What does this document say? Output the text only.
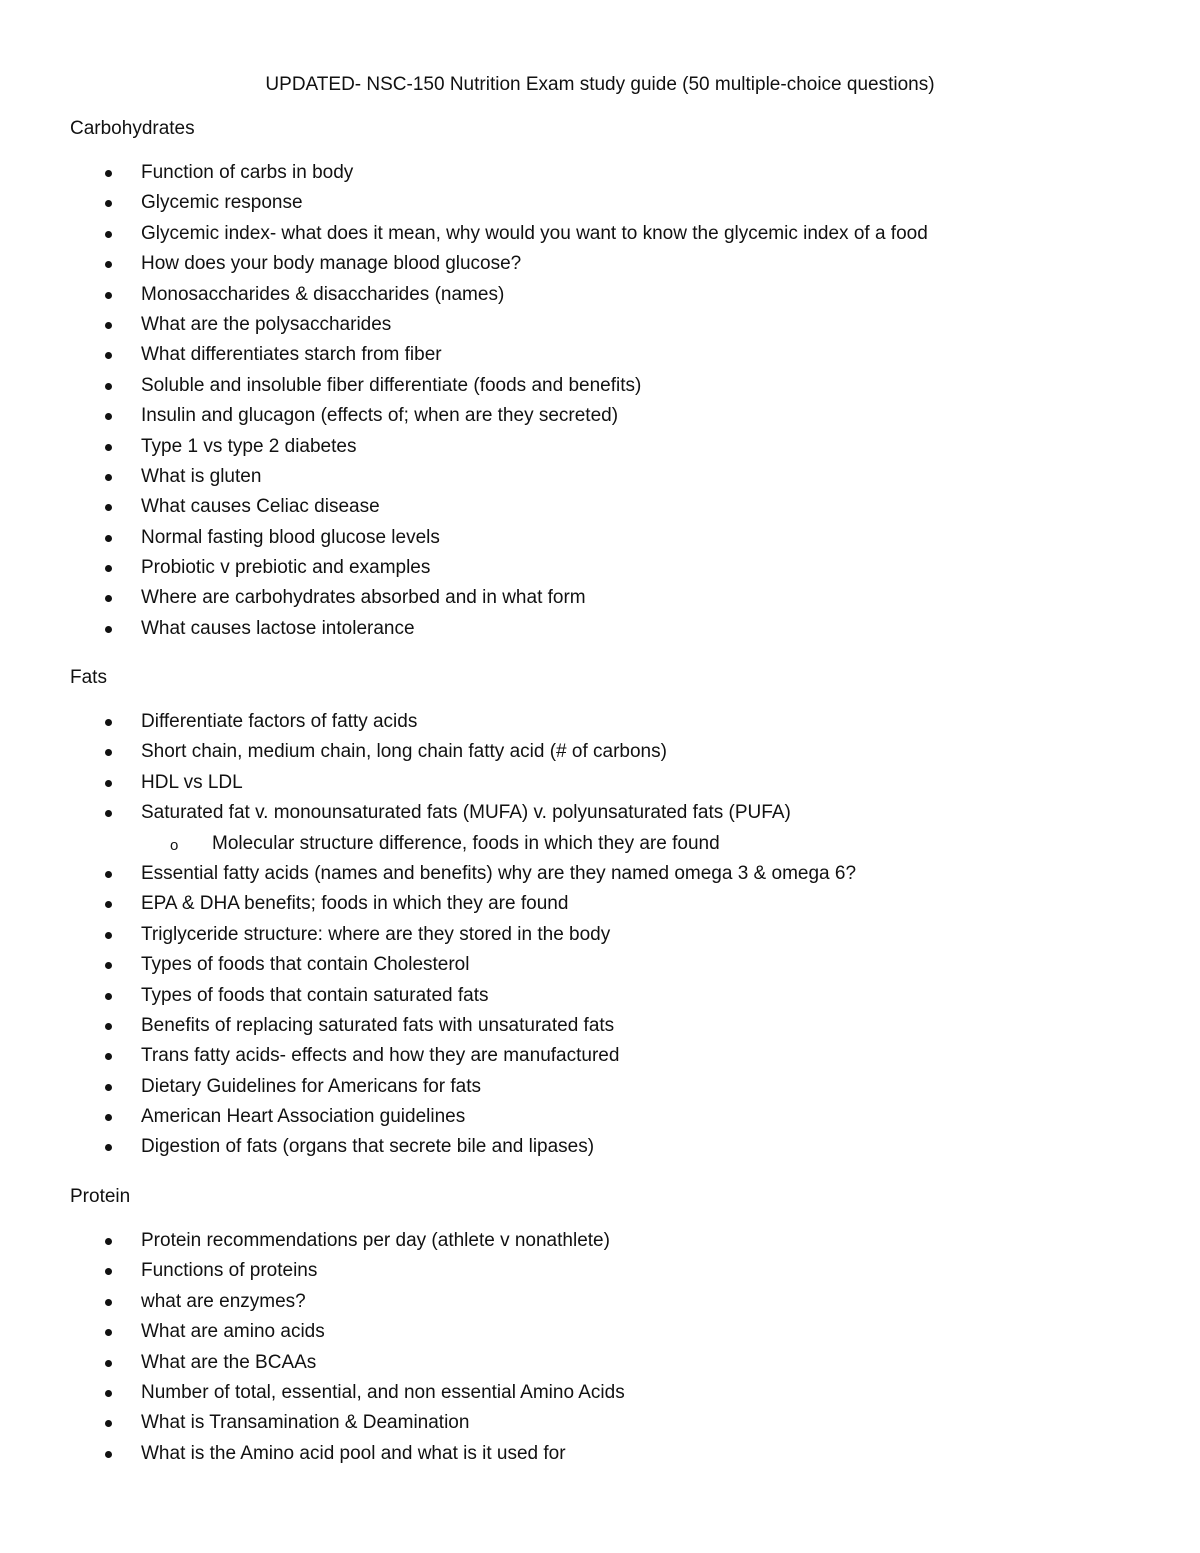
UPDATED- NSC-150 Nutrition Exam study guide (50 multiple-choice questions)
Carbohydrates
Function of carbs in body
Glycemic response
Glycemic index- what does it mean, why would you want to know the glycemic index of a food
How does your body manage blood glucose?
Monosaccharides & disaccharides (names)
What are the polysaccharides
What differentiates starch from fiber
Soluble and insoluble fiber differentiate (foods and benefits)
Insulin and glucagon (effects of; when are they secreted)
Type 1 vs type 2 diabetes
What is gluten
What causes Celiac disease
Normal fasting blood glucose levels
Probiotic v prebiotic and examples
Where are carbohydrates absorbed and in what form
What causes lactose intolerance
Fats
Differentiate factors of fatty acids
Short chain, medium chain, long chain fatty acid (# of carbons)
HDL vs LDL
Saturated fat v. monounsaturated fats (MUFA) v. polyunsaturated fats (PUFA)
o Molecular structure difference, foods in which they are found
Essential fatty acids (names and benefits) why are they named omega 3 & omega 6?
EPA & DHA benefits; foods in which they are found
Triglyceride structure: where are they stored in the body
Types of foods that contain Cholesterol
Types of foods that contain saturated fats
Benefits of replacing saturated fats with unsaturated fats
Trans fatty acids- effects and how they are manufactured
Dietary Guidelines for Americans for fats
American Heart Association guidelines
Digestion of fats (organs that secrete bile and lipases)
Protein
Protein recommendations per day (athlete v nonathlete)
Functions of proteins
what are enzymes?
What are amino acids
What are the BCAAs
Number of total, essential, and non essential Amino Acids
What is Transamination & Deamination
What is the Amino acid pool and what is it used for
